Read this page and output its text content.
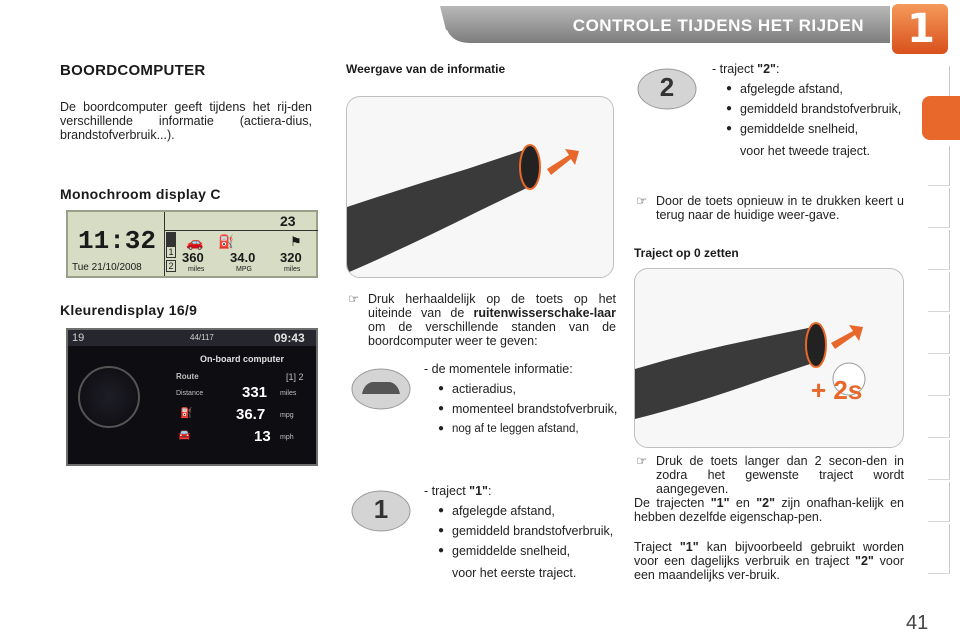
CONTROLE TIJDENS HET RIJDEN 1
BOORDCOMPUTER
De boordcomputer geeft tijdens het rij-den verschillende informatie (actiera-dius, brandstofverbruik...).
Monochroom display C
11:32
Tue 21/10/2008
23
1
2
🚗 ⛽	⚑
360 34.0 320
miles	MPG	miles
Kleurendisplay 16/9
19	44/117	09:43
On-board computer
Route	[1] 2
Distance	331 miles
⛽	36.7 mpg
🚘	13 mph
Weergave van de informatie
☞ Druk herhaaldelijk op de toets op het uiteinde van de ruitenwisserschake-laar om de verschillende standen van de boordcomputer weer te geven:
- de momentele informatie:
● actieradius,
● momenteel brandstofverbruik,
● nog af te leggen afstand,
1
- traject "1":
● afgelegde afstand,
● gemiddeld brandstofverbruik,
● gemiddelde snelheid,
voor het eerste traject.
2
- traject "2":
● afgelegde afstand,
● gemiddeld brandstofverbruik,
● gemiddelde snelheid,
voor het tweede traject.
☞ Door de toets opnieuw in te drukken keert u terug naar de huidige weer-gave.
Traject op 0 zetten
+ 2s
☞ Druk de toets langer dan 2 secon-den in zodra het gewenste traject wordt aangegeven.
De trajecten "1" en "2" zijn onafhan-kelijk en hebben dezelfde eigenschap-pen.
Traject "1" kan bijvoorbeeld gebruikt worden voor een dagelijks verbruik en traject "2" voor een maandelijks ver-bruik.
41
